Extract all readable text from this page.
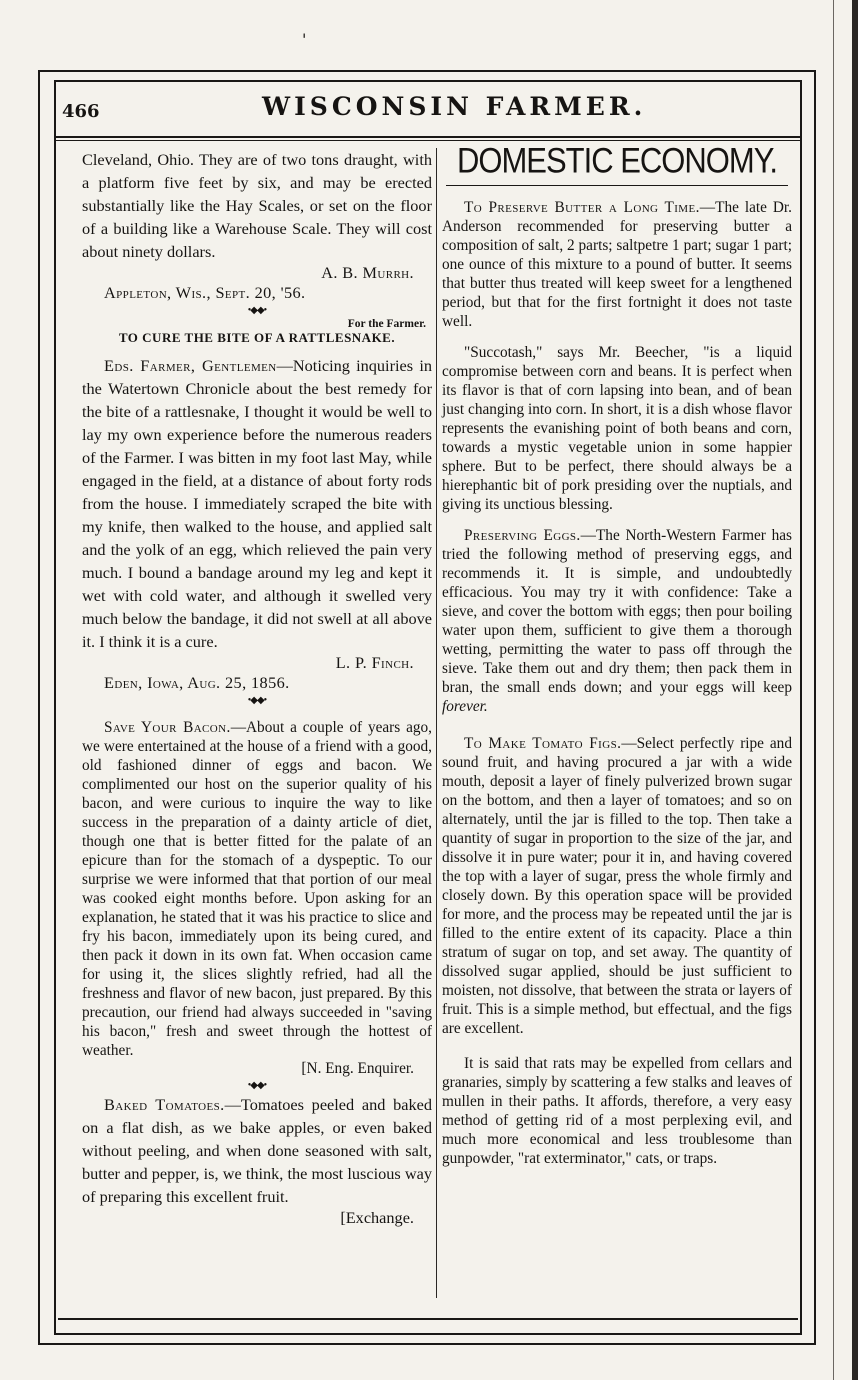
'
466	WISCONSIN FARMER.

Cleveland, Ohio. They are of two tons draught, with a platform five feet by six, and may be erected substantially like the Hay Scales, or set on the floor of a building like a Warehouse Scale. They will cost about ninety dollars.

A. B. Murrh.
Appleton, Wis., Sept. 20, '56.
•◆◆•
For the Farmer.
TO CURE THE BITE OF A RATTLESNAKE.

Eds. Farmer, Gentlemen—Noticing inquiries in the Watertown Chronicle about the best remedy for the bite of a rattlesnake, I thought it would be well to lay my own experience before the numerous readers of the Farmer. I was bitten in my foot last May, while engaged in the field, at a distance of about forty rods from the house. I immediately scraped the bite with my knife, then walked to the house, and applied salt and the yolk of an egg, which relieved the pain very much. I bound a bandage around my leg and kept it wet with cold water, and although it swelled very much below the bandage, it did not swell at all above it. I think it is a cure.

L. P. Finch.
Eden, Iowa, Aug. 25, 1856.
•◆◆•

Save Your Bacon.—About a couple of years ago, we were entertained at the house of a friend with a good, old fashioned dinner of eggs and bacon. We complimented our host on the superior quality of his bacon, and were curious to inquire the way to like success in the preparation of a dainty article of diet, though one that is better fitted for the palate of an epicure than for the stomach of a dyspeptic. To our surprise we were informed that that portion of our meal was cooked eight months before. Upon asking for an explanation, he stated that it was his practice to slice and fry his bacon, immediately upon its being cured, and then pack it down in its own fat. When occasion came for using it, the slices slightly refried, had all the freshness and flavor of new bacon, just prepared. By this precaution, our friend had always succeeded in "saving his bacon," fresh and sweet through the hottest of weather.

[N. Eng. Enquirer.
•◆◆•

Baked Tomatoes.—Tomatoes peeled and baked on a flat dish, as we bake apples, or even baked without peeling, and when done seasoned with salt, butter and pepper, is, we think, the most luscious way of preparing this excellent fruit.

[Exchange.
DOMESTIC ECONOMY.

To Preserve Butter a Long Time.—The late Dr. Anderson recommended for preserving butter a composition of salt, 2 parts; saltpetre 1 part; sugar 1 part; one ounce of this mixture to a pound of butter. It seems that butter thus treated will keep sweet for a lengthened period, but that for the first fortnight it does not taste well.

"Succotash," says Mr. Beecher, "is a liquid compromise between corn and beans. It is perfect when its flavor is that of corn lapsing into bean, and of bean just changing into corn. In short, it is a dish whose flavor represents the evanishing point of both beans and corn, towards a mystic vegetable union in some happier sphere. But to be perfect, there should always be a hierephantic bit of pork presiding over the nuptials, and giving its unctious blessing.

Preserving Eggs.—The North-Western Farmer has tried the following method of preserving eggs, and recommends it. It is simple, and undoubtedly efficacious. You may try it with confidence: Take a sieve, and cover the bottom with eggs; then pour boiling water upon them, sufficient to give them a thorough wetting, permitting the water to pass off through the sieve. Take them out and dry them; then pack them in bran, the small ends down; and your eggs will keep forever.

To Make Tomato Figs.—Select perfectly ripe and sound fruit, and having procured a jar with a wide mouth, deposit a layer of finely pulverized brown sugar on the bottom, and then a layer of tomatoes; and so on alternately, until the jar is filled to the top. Then take a quantity of sugar in proportion to the size of the jar, and dissolve it in pure water; pour it in, and having covered the top with a layer of sugar, press the whole firmly and closely down. By this operation space will be provided for more, and the process may be repeated until the jar is filled to the entire extent of its capacity. Place a thin stratum of sugar on top, and set away. The quantity of dissolved sugar applied, should be just sufficient to moisten, not dissolve, that between the strata or layers of fruit. This is a simple method, but effectual, and the figs are excellent.

It is said that rats may be expelled from cellars and granaries, simply by scattering a few stalks and leaves of mullen in their paths. It affords, therefore, a very easy method of getting rid of a most perplexing evil, and much more economical and less troublesome than gunpowder, "rat exterminator," cats, or traps.
